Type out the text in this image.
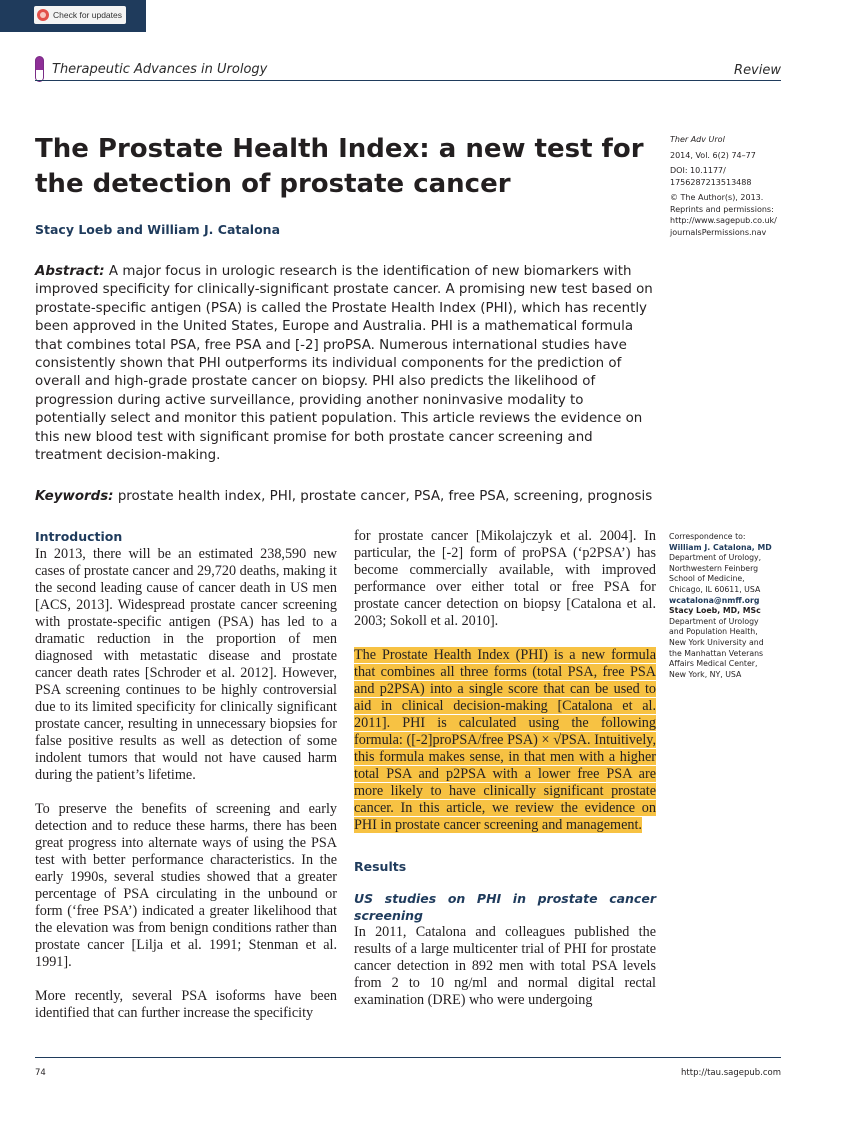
Check for updates
Therapeutic Advances in Urology	Review
The Prostate Health Index: a new test for the detection of prostate cancer
Stacy Loeb and William J. Catalona
Ther Adv Urol
2014, Vol. 6(2) 74–77
DOI: 10.1177/
1756287213513488
© The Author(s), 2013.
Reprints and permissions:
http://www.sagepub.co.uk/
journalsPermissions.nav
Abstract: A major focus in urologic research is the identification of new biomarkers with improved specificity for clinically-significant prostate cancer. A promising new test based on prostate-specific antigen (PSA) is called the Prostate Health Index (PHI), which has recently been approved in the United States, Europe and Australia. PHI is a mathematical formula that combines total PSA, free PSA and [-2] proPSA. Numerous international studies have consistently shown that PHI outperforms its individual components for the prediction of overall and high-grade prostate cancer on biopsy. PHI also predicts the likelihood of progression during active surveillance, providing another noninvasive modality to potentially select and monitor this patient population. This article reviews the evidence on this new blood test with significant promise for both prostate cancer screening and treatment decision-making.
Keywords: prostate health index, PHI, prostate cancer, PSA, free PSA, screening, prognosis
Introduction

In 2013, there will be an estimated 238,590 new cases of prostate cancer and 29,720 deaths, making it the second leading cause of cancer death in US men [ACS, 2013]. Widespread prostate cancer screening with prostate-specific antigen (PSA) has led to a dramatic reduction in the proportion of men diagnosed with metastatic disease and prostate cancer death rates [Schroder et al. 2012]. However, PSA screening continues to be highly controversial due to its limited specificity for clinically significant prostate cancer, resulting in unnecessary biopsies for false positive results as well as detection of some indolent tumors that would not have caused harm during the patient’s lifetime.

To preserve the benefits of screening and early detection and to reduce these harms, there has been great progress into alternate ways of using the PSA test with better performance characteristics. In the early 1990s, several studies showed that a greater percentage of PSA circulating in the unbound or form (‘free PSA’) indicated a greater likelihood that the elevation was from benign conditions rather than prostate cancer [Lilja et al. 1991; Stenman et al. 1991].

More recently, several PSA isoforms have been identified that can further increase the specificity

for prostate cancer [Mikolajczyk et al. 2004]. In particular, the [-2] form of proPSA (‘p2PSA’) has become commercially available, with improved performance over either total or free PSA for prostate cancer detection on biopsy [Catalona et al. 2003; Sokoll et al. 2010].

The Prostate Health Index (PHI) is a new formula that combines all three forms (total PSA, free PSA and p2PSA) into a single score that can be used to aid in clinical decision-making [Catalona et al. 2011]. PHI is calculated using the following formula: ([-2]proPSA/free PSA) × √PSA. Intuitively, this formula makes sense, in that men with a higher total PSA and p2PSA with a lower free PSA are more likely to have clinically significant prostate cancer. In this article, we review the evidence on PHI in prostate cancer screening and management.

Results
US studies on PHI in prostate cancer screening

In 2011, Catalona and colleagues published the results of a large multicenter trial of PHI for prostate cancer detection in 892 men with total PSA levels from 2 to 10 ng/ml and normal digital rectal examination (DRE) who were undergoing

Correspondence to:
William J. Catalona, MD
Department of Urology,
Northwestern Feinberg
School of Medicine,
Chicago, IL 60611, USA
wcatalona@nmff.org
Stacy Loeb, MD, MSc
Department of Urology
and Population Health,
New York University and
the Manhattan Veterans
Affairs Medical Center,
New York, NY, USA
74	http://tau.sagepub.com
